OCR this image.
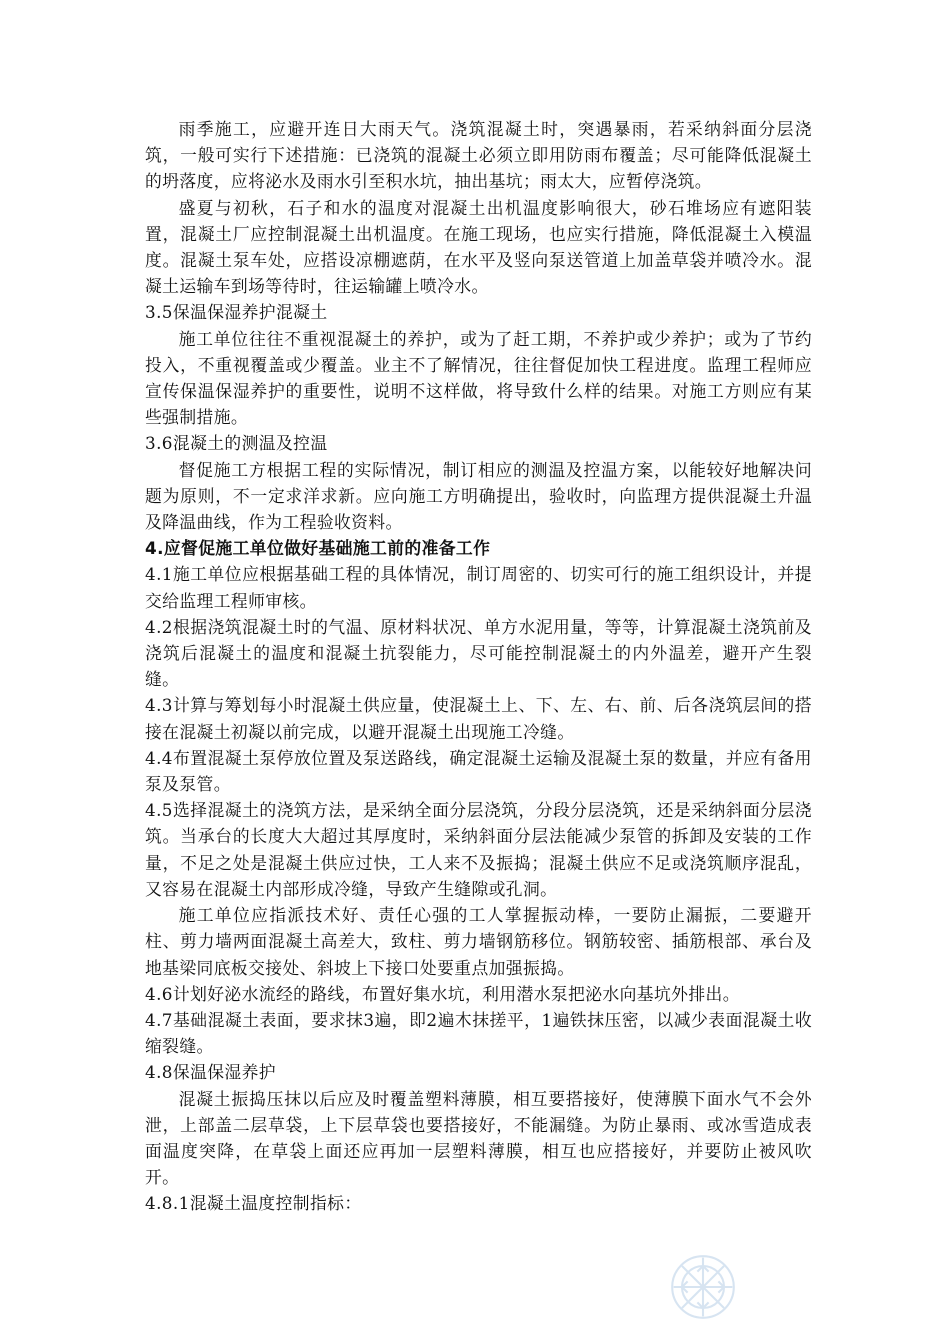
雨季施工，应避开连日大雨天气。浇筑混凝土时，突遇暴雨，若采纳斜面分层浇筑，一般可实行下述措施：已浇筑的混凝土必须立即用防雨布覆盖；尽可能降低混凝土的坍落度，应将泌水及雨水引至积水坑，抽出基坑；雨太大，应暂停浇筑。

盛夏与初秋，石子和水的温度对混凝土出机温度影响很大，砂石堆场应有遮阳装置，混凝土厂应控制混凝土出机温度。在施工现场，也应实行措施，降低混凝土入模温度。混凝土泵车处，应搭设凉棚遮荫，在水平及竖向泵送管道上加盖草袋并喷冷水。混凝土运输车到场等待时，往运输罐上喷冷水。

3.5保温保湿养护混凝土

施工单位往往不重视混凝土的养护，或为了赶工期，不养护或少养护；或为了节约投入，不重视覆盖或少覆盖。业主不了解情况，往往督促加快工程进度。监理工程师应宣传保温保湿养护的重要性，说明不这样做，将导致什么样的结果。对施工方则应有某些强制措施。

3.6混凝土的测温及控温

督促施工方根据工程的实际情况，制订相应的测温及控温方案，以能较好地解决问题为原则，不一定求洋求新。应向施工方明确提出，验收时，向监理方提供混凝土升温及降温曲线，作为工程验收资料。

4.应督促施工单位做好基础施工前的准备工作

4.1施工单位应根据基础工程的具体情况，制订周密的、切实可行的施工组织设计，并提交给监理工程师审核。

4.2根据浇筑混凝土时的气温、原材料状况、单方水泥用量，等等，计算混凝土浇筑前及浇筑后混凝土的温度和混凝土抗裂能力，尽可能控制混凝土的内外温差，避开产生裂缝。

4.3计算与筹划每小时混凝土供应量，使混凝土上、下、左、右、前、后各浇筑层间的搭接在混凝土初凝以前完成，以避开混凝土出现施工冷缝。

4.4布置混凝土泵停放位置及泵送路线，确定混凝土运输及混凝土泵的数量，并应有备用泵及泵管。

4.5选择混凝土的浇筑方法，是采纳全面分层浇筑，分段分层浇筑，还是采纳斜面分层浇筑。当承台的长度大大超过其厚度时，采纳斜面分层法能减少泵管的拆卸及安装的工作量，不足之处是混凝土供应过快，工人来不及振捣；混凝土供应不足或浇筑顺序混乱，又容易在混凝土内部形成冷缝，导致产生缝隙或孔洞。

施工单位应指派技术好、责任心强的工人掌握振动棒，一要防止漏振，二要避开柱、剪力墙两面混凝土高差大，致柱、剪力墙钢筋移位。钢筋较密、插筋根部、承台及地基梁同底板交接处、斜坡上下接口处要重点加强振捣。

4.6计划好泌水流经的路线，布置好集水坑，利用潜水泵把泌水向基坑外排出。

4.7基础混凝土表面，要求抹3遍，即2遍木抹搓平，1遍铁抹压密，以减少表面混凝土收缩裂缝。

4.8保温保湿养护

混凝土振捣压抹以后应及时覆盖塑料薄膜，相互要搭接好，使薄膜下面水气不会外泄，上部盖二层草袋，上下层草袋也要搭接好，不能漏缝。为防止暴雨、或冰雪造成表面温度突降，在草袋上面还应再加一层塑料薄膜，相互也应搭接好，并要防止被风吹开。

4.8.1混凝土温度控制指标：
